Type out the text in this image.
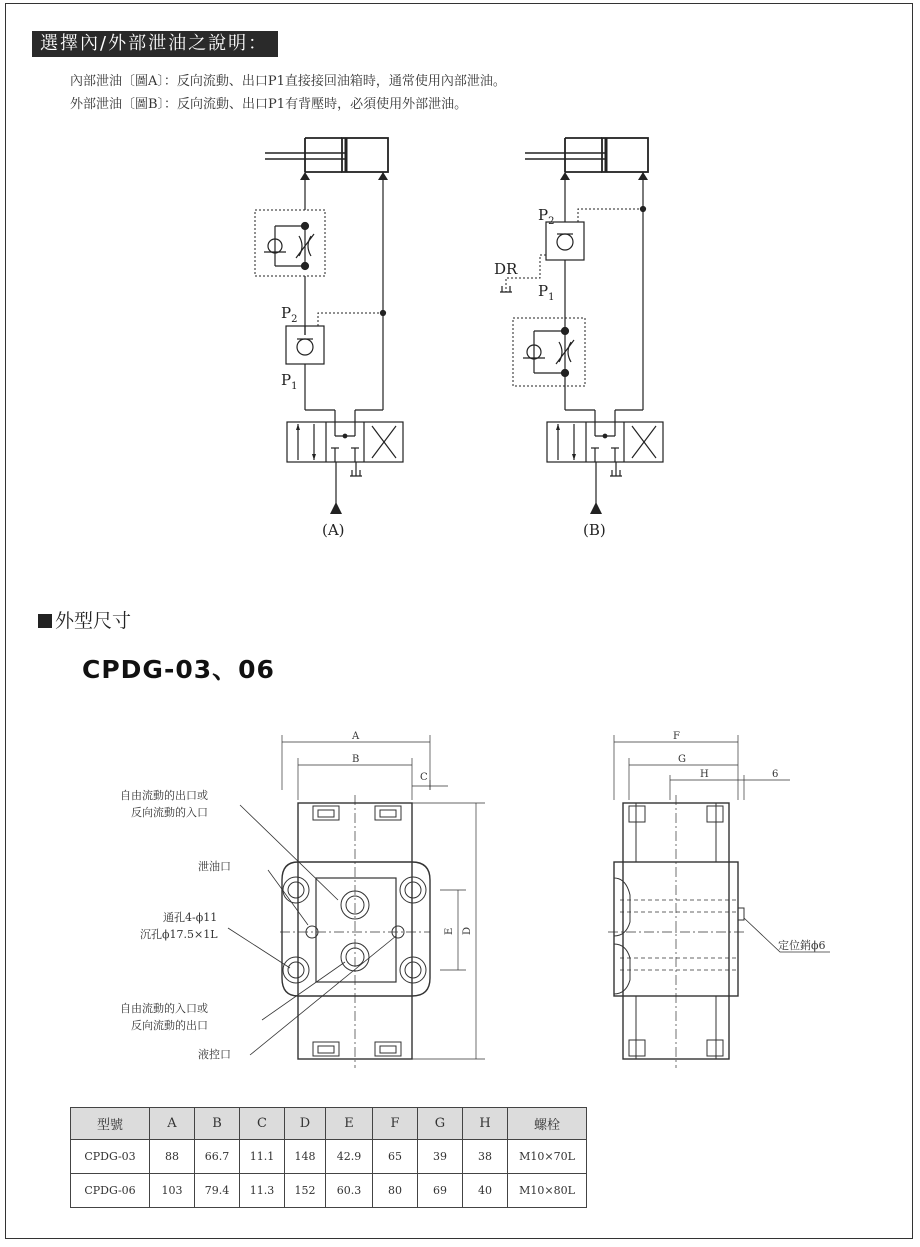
選擇內/外部泄油之說明：
內部泄油〔圖A〕：反向流動、出口P1直接接回油箱時，通常使用內部泄油。
外部泄油〔圖B〕：反向流動、出口P1有背壓時，必須使用外部泄油。
$P_2$
$P_1$
$P_2$
$P_1$
DR
(A)	(B)
外型尺寸
CPDG-03、06
A
B
C
D
E
F
G
H	6
自由流動的出口或
反向流動的入口
泄油口
通孔4-ϕ11
沉孔ϕ17.5×1L
自由流動的入口或
反向流動的出口
液控口
定位銷ϕ6
型號	A	B	C	D	E	F	G	H	螺栓
CPDG-03	88	66.7	11.1	148	42.9	65	39	38	M10×70L
CPDG-06	103	79.4	11.3	152	60.3	80	69	40	M10×80L
